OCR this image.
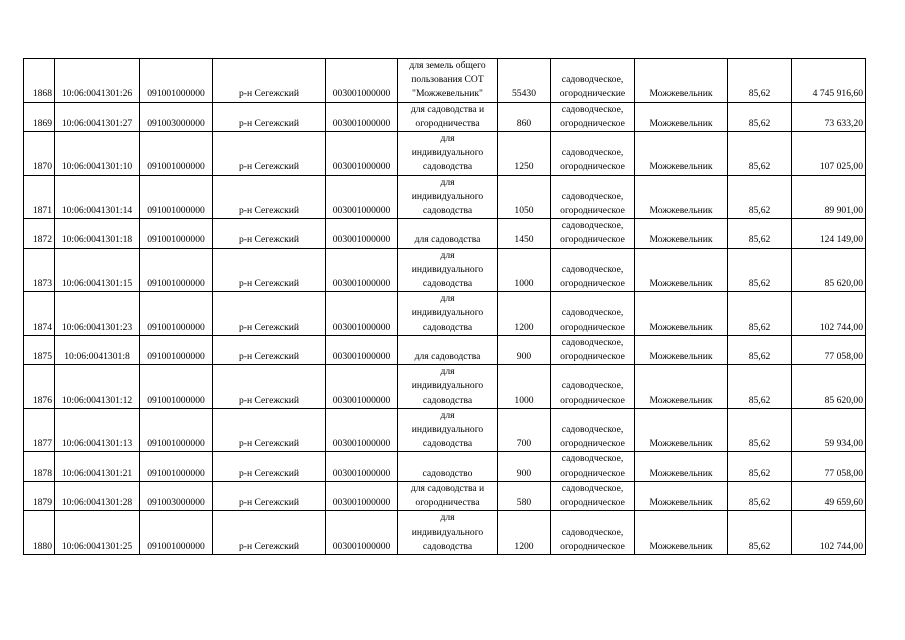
1868	10:06:0041301:26	091001000000	р-н Сегежский	003001000000	для земель общего
пользования СОТ
"Можжевельник"	55430	садоводческое,
огороднические	Можжевельник	85,62	4 745 916,60
1869	10:06:0041301:27	091003000000	р-н Сегежский	003001000000	для садоводства и
огородничества	860	садоводческое,
огородническое	Можжевельник	85,62	73 633,20
1870	10:06:0041301:10	091001000000	р-н Сегежский	003001000000	для
индивидуального
садоводства	1250	садоводческое,
огородническое	Можжевельник	85,62	107 025,00
1871	10:06:0041301:14	091001000000	р-н Сегежский	003001000000	для
индивидуального
садоводства	1050	садоводческое,
огородническое	Можжевельник	85,62	89 901,00
1872	10:06:0041301:18	091001000000	р-н Сегежский	003001000000	для садоводства	1450	садоводческое,
огородническое	Можжевельник	85,62	124 149,00
1873	10:06:0041301:15	091001000000	р-н Сегежский	003001000000	для
индивидуального
садоводства	1000	садоводческое,
огородническое	Можжевельник	85,62	85 620,00
1874	10:06:0041301:23	091001000000	р-н Сегежский	003001000000	для
индивидуального
садоводства	1200	садоводческое,
огородническое	Можжевельник	85,62	102 744,00
1875	10:06:0041301:8	091001000000	р-н Сегежский	003001000000	для садоводства	900	садоводческое,
огородническое	Можжевельник	85,62	77 058,00
1876	10:06:0041301:12	091001000000	р-н Сегежский	003001000000	для
индивидуального
садоводства	1000	садоводческое,
огородническое	Можжевельник	85,62	85 620,00
1877	10:06:0041301:13	091001000000	р-н Сегежский	003001000000	для
индивидуального
садоводства	700	садоводческое,
огородническое	Можжевельник	85,62	59 934,00
1878	10:06:0041301:21	091001000000	р-н Сегежский	003001000000	садоводство	900	садоводческое,
огородническое	Можжевельник	85,62	77 058,00
1879	10:06:0041301:28	091003000000	р-н Сегежский	003001000000	для садоводства и
огородничества	580	садоводческое,
огородническое	Можжевельник	85,62	49 659,60
1880	10:06:0041301:25	091001000000	р-н Сегежский	003001000000	для
индивидуального
садоводства	1200	садоводческое,
огородническое	Можжевельник	85,62	102 744,00
